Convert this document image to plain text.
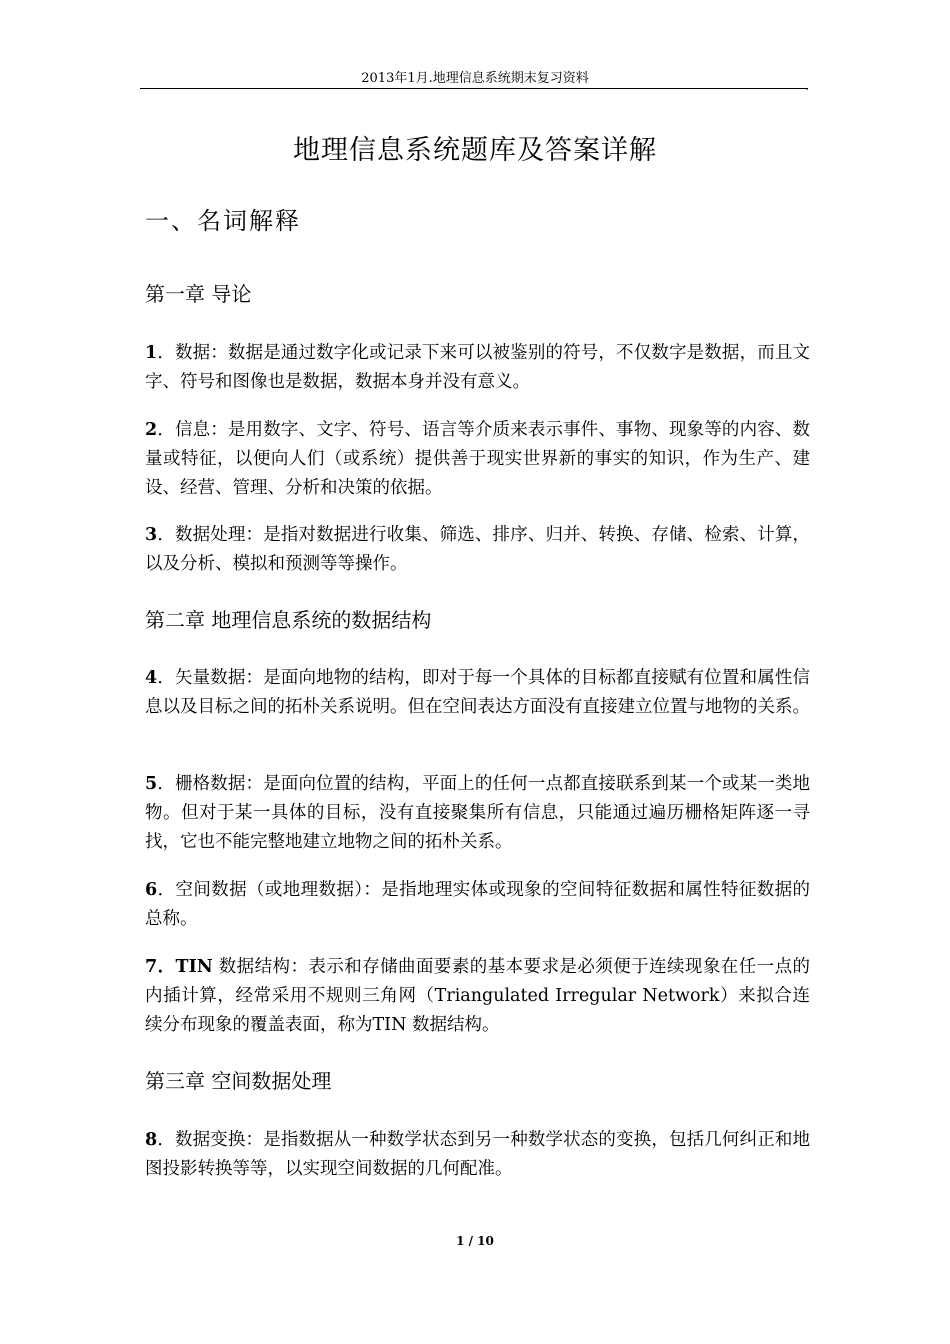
2013年1月.地理信息系统期末复习资料
,
地理信息系统题库及答案详解
一、名词解释
第一章 导论
1．数据：数据是通过数字化或记录下来可以被鉴别的符号，不仅数字是数据，而且文字、符号和图像也是数据，数据本身并没有意义。
2．信息：是用数字、文字、符号、语言等介质来表示事件、事物、现象等的内容、数量或特征，以便向人们（或系统）提供善于现实世界新的事实的知识，作为生产、建设、经营、管理、分析和决策的依据。
3．数据处理：是指对数据进行收集、筛选、排序、归并、转换、存储、检索、计算，以及分析、模拟和预测等等操作。
第二章 地理信息系统的数据结构
4．矢量数据：是面向地物的结构，即对于每一个具体的目标都直接赋有位置和属性信息以及目标之间的拓朴关系说明。但在空间表达方面没有直接建立位置与地物的关系。
5．栅格数据：是面向位置的结构，平面上的任何一点都直接联系到某一个或某一类地物。但对于某一具体的目标，没有直接聚集所有信息，只能通过遍历栅格矩阵逐一寻找，它也不能完整地建立地物之间的拓朴关系。
6．空间数据（或地理数据）：是指地理实体或现象的空间特征数据和属性特征数据的总称。
7．TIN 数据结构：表示和存储曲面要素的基本要求是必须便于连续现象在任一点的内插计算，经常采用不规则三角网（Triangulated Irregular Network）来拟合连续分布现象的覆盖表面，称为TIN 数据结构。
第三章 空间数据处理
8．数据变换：是指数据从一种数学状态到另一种数学状态的变换，包括几何纠正和地图投影转换等等，以实现空间数据的几何配准。
1 / 10
